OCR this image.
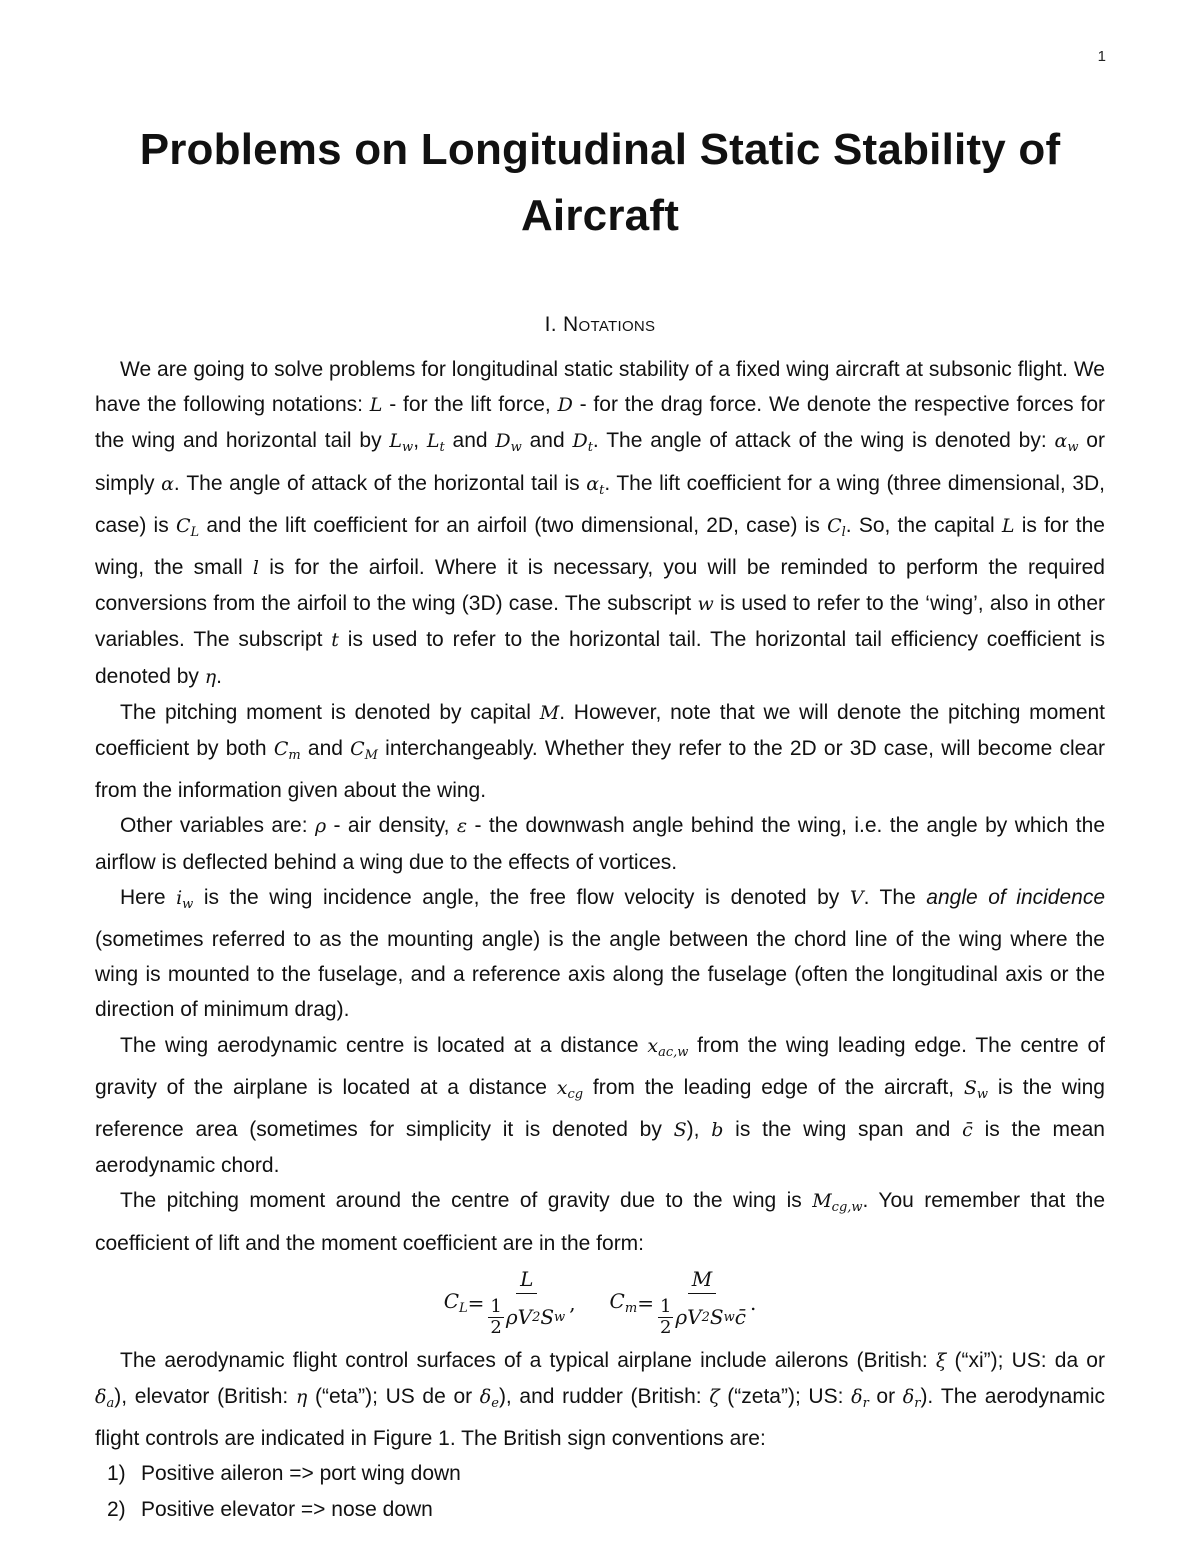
1
Problems on Longitudinal Static Stability of
Aircraft
I. Notations

We are going to solve problems for longitudinal static stability of a fixed wing aircraft at subsonic flight. We have the following notations: L - for the lift force, D - for the drag force. We denote the respective forces for the wing and horizontal tail by $L_w$, $L_t$ and $D_w$ and $D_t$. The angle of attack of the wing is denoted by: $\alpha_w$ or simply α. The angle of attack of the horizontal tail is $\alpha_t$. The lift coefficient for a wing (three dimensional, 3D, case) is $C_L$ and the lift coefficient for an airfoil (two dimensional, 2D, case) is $C_l$. So, the capital L is for the wing, the small l is for the airfoil. Where it is necessary, you will be reminded to perform the required conversions from the airfoil to the wing (3D) case. The subscript w is used to refer to the ‘wing’, also in other variables. The subscript t is used to refer to the horizontal tail. The horizontal tail efficiency coefficient is denoted by η.

The pitching moment is denoted by capital M. However, note that we will denote the pitching moment coefficient by both $C_m$ and $C_M$ interchangeably. Whether they refer to the 2D or 3D case, will become clear from the information given about the wing.

Other variables are: ρ - air density, ε - the downwash angle behind the wing, i.e. the angle by which the airflow is deflected behind a wing due to the effects of vortices.

Here $i_w$ is the wing incidence angle, the free flow velocity is denoted by V. The angle of incidence (sometimes referred to as the mounting angle) is the angle between the chord line of the wing where the wing is mounted to the fuselage, and a reference axis along the fuselage (often the longitudinal axis or the direction of minimum drag).

The wing aerodynamic centre is located at a distance $x_{ac,w}$ from the wing leading edge. The centre of gravity of the airplane is located at a distance $x_{cg}$ from the leading edge of the aircraft, $S_w$ is the wing reference area (sometimes for simplicity it is denoted by S), b is the wing span and c̄ is the mean aerodynamic chord.

The pitching moment around the centre of gravity due to the wing is $M_{cg,w}$. You remember that the coefficient of lift and the moment coefficient are in the form:

$C_L = L$
1
2 ρV 2 S w , $C_m = M$
1
2 ρV 2 S w c̄ .

The aerodynamic flight control surfaces of a typical airplane include ailerons (British: ξ (“xi”); US: da or $\delta_a$), elevator (British: η (“eta”); US de or $\delta_e$), and rudder (British: ζ (“zeta”); US: $\delta_r$ or $\delta_r$). The aerodynamic flight controls are indicated in Figure 1. The British sign conventions are:

1) Positive aileron => port wing down
2) Positive elevator => nose down
